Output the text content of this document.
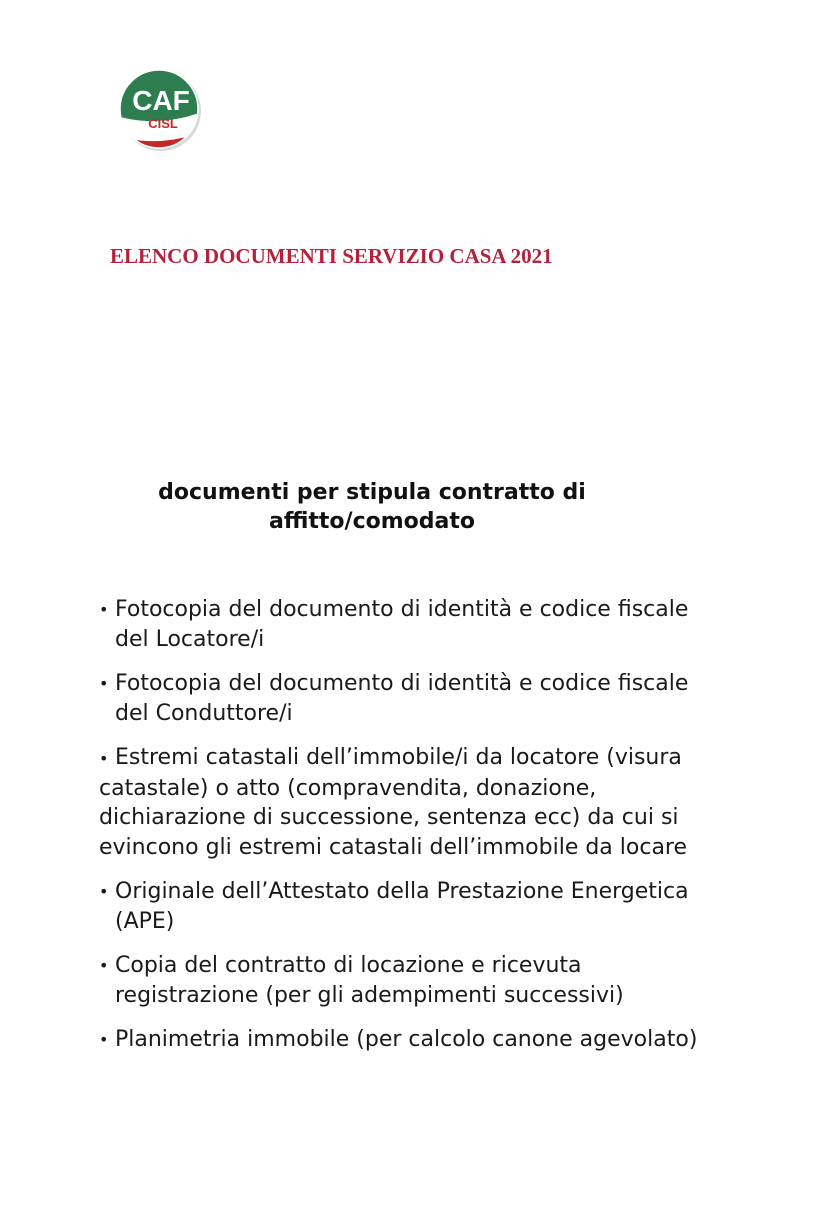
CAF
CISL
ELENCO DOCUMENTI SERVIZIO CASA 2021
documenti per stipula contratto di
affitto/comodato
• Fotocopia del documento di identità e codice fiscale del Locatore/i
• Fotocopia del documento di identità e codice fiscale del Conduttore/i
• Estremi catastali dell’immobile/i da locatore (visura catastale) o atto (compravendita, donazione, dichiarazione di successione, sentenza ecc) da cui si evincono gli estremi catastali dell’immobile da locare
• Originale dell’Attestato della Prestazione Energetica (APE)
• Copia del contratto di locazione e ricevuta registrazione (per gli adempimenti successivi)
• Planimetria immobile (per calcolo canone agevolato)
